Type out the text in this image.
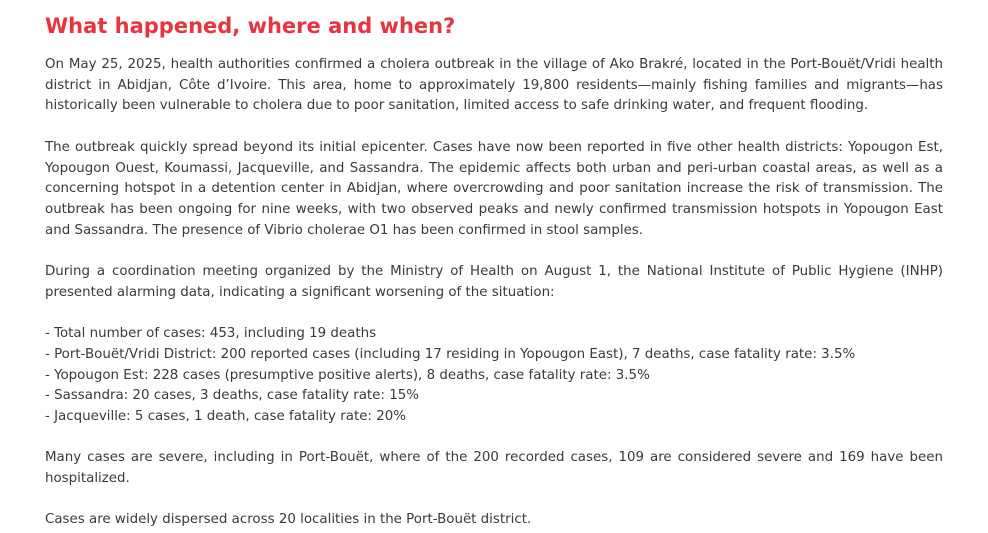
What happened, where and when?

On May 25, 2025, health authorities confirmed a cholera outbreak in the village of Ako Brakré, located in the Port-Bouët/Vridi health district in Abidjan, Côte d’Ivoire. This area, home to approximately 19,800 residents—mainly fishing families and migrants—has historically been vulnerable to cholera due to poor sanitation, limited access to safe drinking water, and frequent flooding.

The outbreak quickly spread beyond its initial epicenter. Cases have now been reported in five other health districts: Yopougon Est, Yopougon Ouest, Koumassi, Jacqueville, and Sassandra. The epidemic affects both urban and peri-urban coastal areas, as well as a concerning hotspot in a detention center in Abidjan, where overcrowding and poor sanitation increase the risk of transmission. The outbreak has been ongoing for nine weeks, with two observed peaks and newly confirmed transmission hotspots in Yopougon East and Sassandra. The presence of Vibrio cholerae O1 has been confirmed in stool samples.

During a coordination meeting organized by the Ministry of Health on August 1, the National Institute of Public Hygiene (INHP) presented alarming data, indicating a significant worsening of the situation:

- Total number of cases: 453, including 19 deaths
- Port-Bouët/Vridi District: 200 reported cases (including 17 residing in Yopougon East), 7 deaths, case fatality rate: 3.5%
- Yopougon Est: 228 cases (presumptive positive alerts), 8 deaths, case fatality rate: 3.5%
- Sassandra: 20 cases, 3 deaths, case fatality rate: 15%
- Jacqueville: 5 cases, 1 death, case fatality rate: 20%

Many cases are severe, including in Port-Bouët, where of the 200 recorded cases, 109 are considered severe and 169 have been hospitalized.

Cases are widely dispersed across 20 localities in the Port-Bouët district.
